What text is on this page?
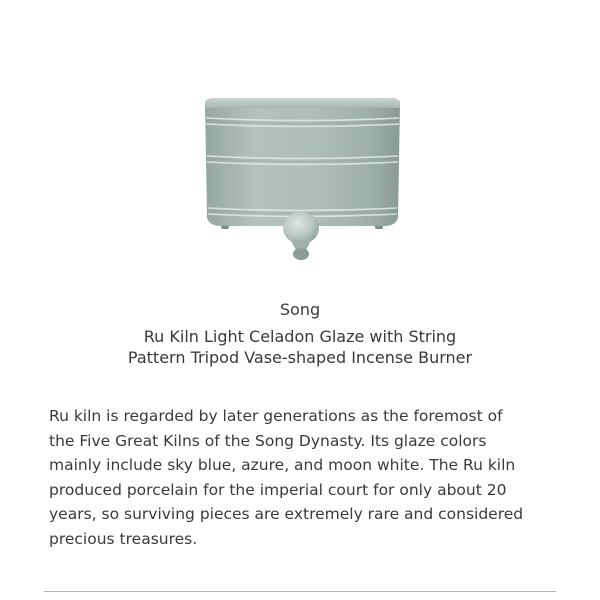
Song
Ru Kiln Light Celadon Glaze with String
Pattern Tripod Vase-shaped Incense Burner
Ru kiln is regarded by later generations as the foremost of
the Five Great Kilns of the Song Dynasty. Its glaze colors
mainly include sky blue, azure, and moon white. The Ru kiln
produced porcelain for the imperial court for only about 20
years, so surviving pieces are extremely rare and considered
precious treasures.
